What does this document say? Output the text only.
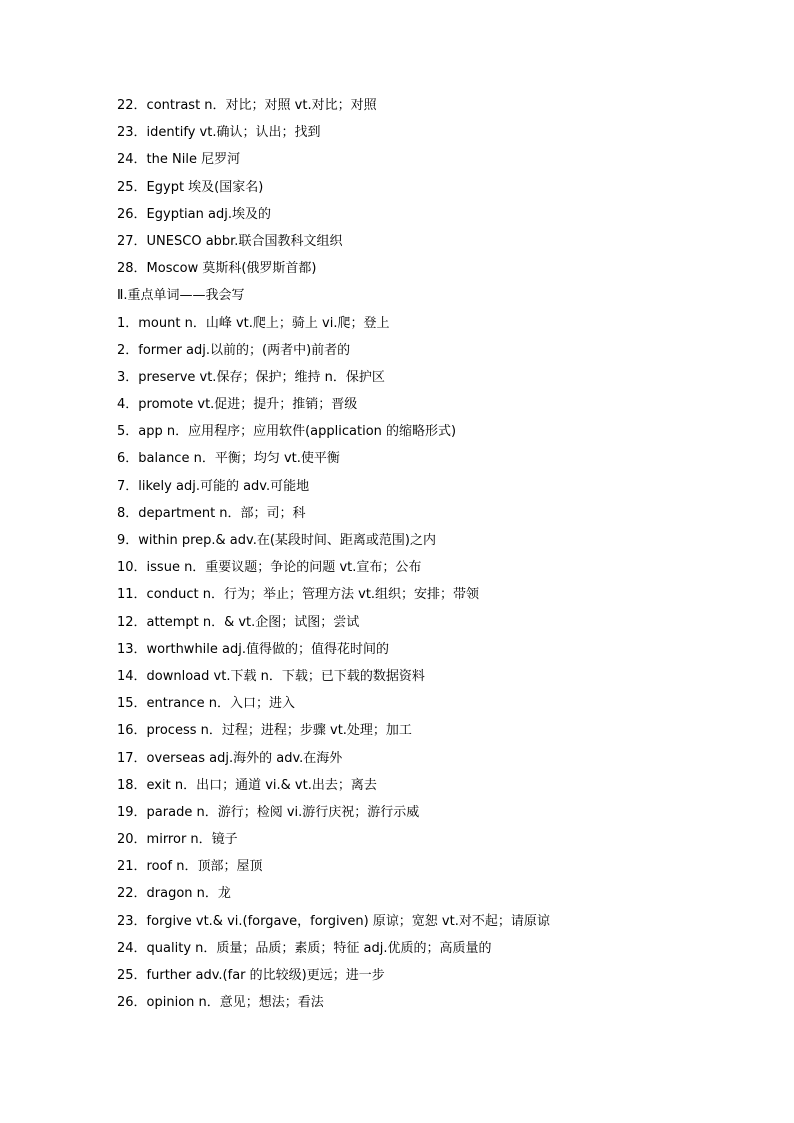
22．contrast n．对比；对照 vt.对比；对照
23．identify vt.确认；认出；找到
24．the Nile 尼罗河
25．Egypt 埃及(国家名)
26．Egyptian adj.埃及的
27．UNESCO abbr.联合国教科文组织
28．Moscow 莫斯科(俄罗斯首都)
Ⅱ.重点单词——我会写
1．mount n．山峰 vt.爬上；骑上 vi.爬；登上
2．former adj.以前的；(两者中)前者的
3．preserve vt.保存；保护；维持 n．保护区
4．promote vt.促进；提升；推销；晋级
5．app n．应用程序；应用软件(application 的缩略形式)
6．balance n．平衡；均匀 vt.使平衡
7．likely adj.可能的 adv.可能地
8．department n．部；司；科
9．within prep.& adv.在(某段时间、距离或范围)之内
10．issue n．重要议题；争论的问题 vt.宣布；公布
11．conduct n．行为；举止；管理方法 vt.组织；安排；带领
12．attempt n．& vt.企图；试图；尝试
13．worthwhile adj.值得做的；值得花时间的
14．download vt.下载 n．下载；已下载的数据资料
15．entrance n．入口；进入
16．process n．过程；进程；步骤 vt.处理；加工
17．overseas adj.海外的 adv.在海外
18．exit n．出口；通道 vi.& vt.出去；离去
19．parade n．游行；检阅 vi.游行庆祝；游行示威
20．mirror n．镜子
21．roof n．顶部；屋顶
22．dragon n．龙
23．forgive vt.& vi.(forgave，forgiven) 原谅；宽恕 vt.对不起；请原谅
24．quality n．质量；品质；素质；特征 adj.优质的；高质量的
25．further adv.(far 的比较级)更远；进一步
26．opinion n．意见；想法；看法
